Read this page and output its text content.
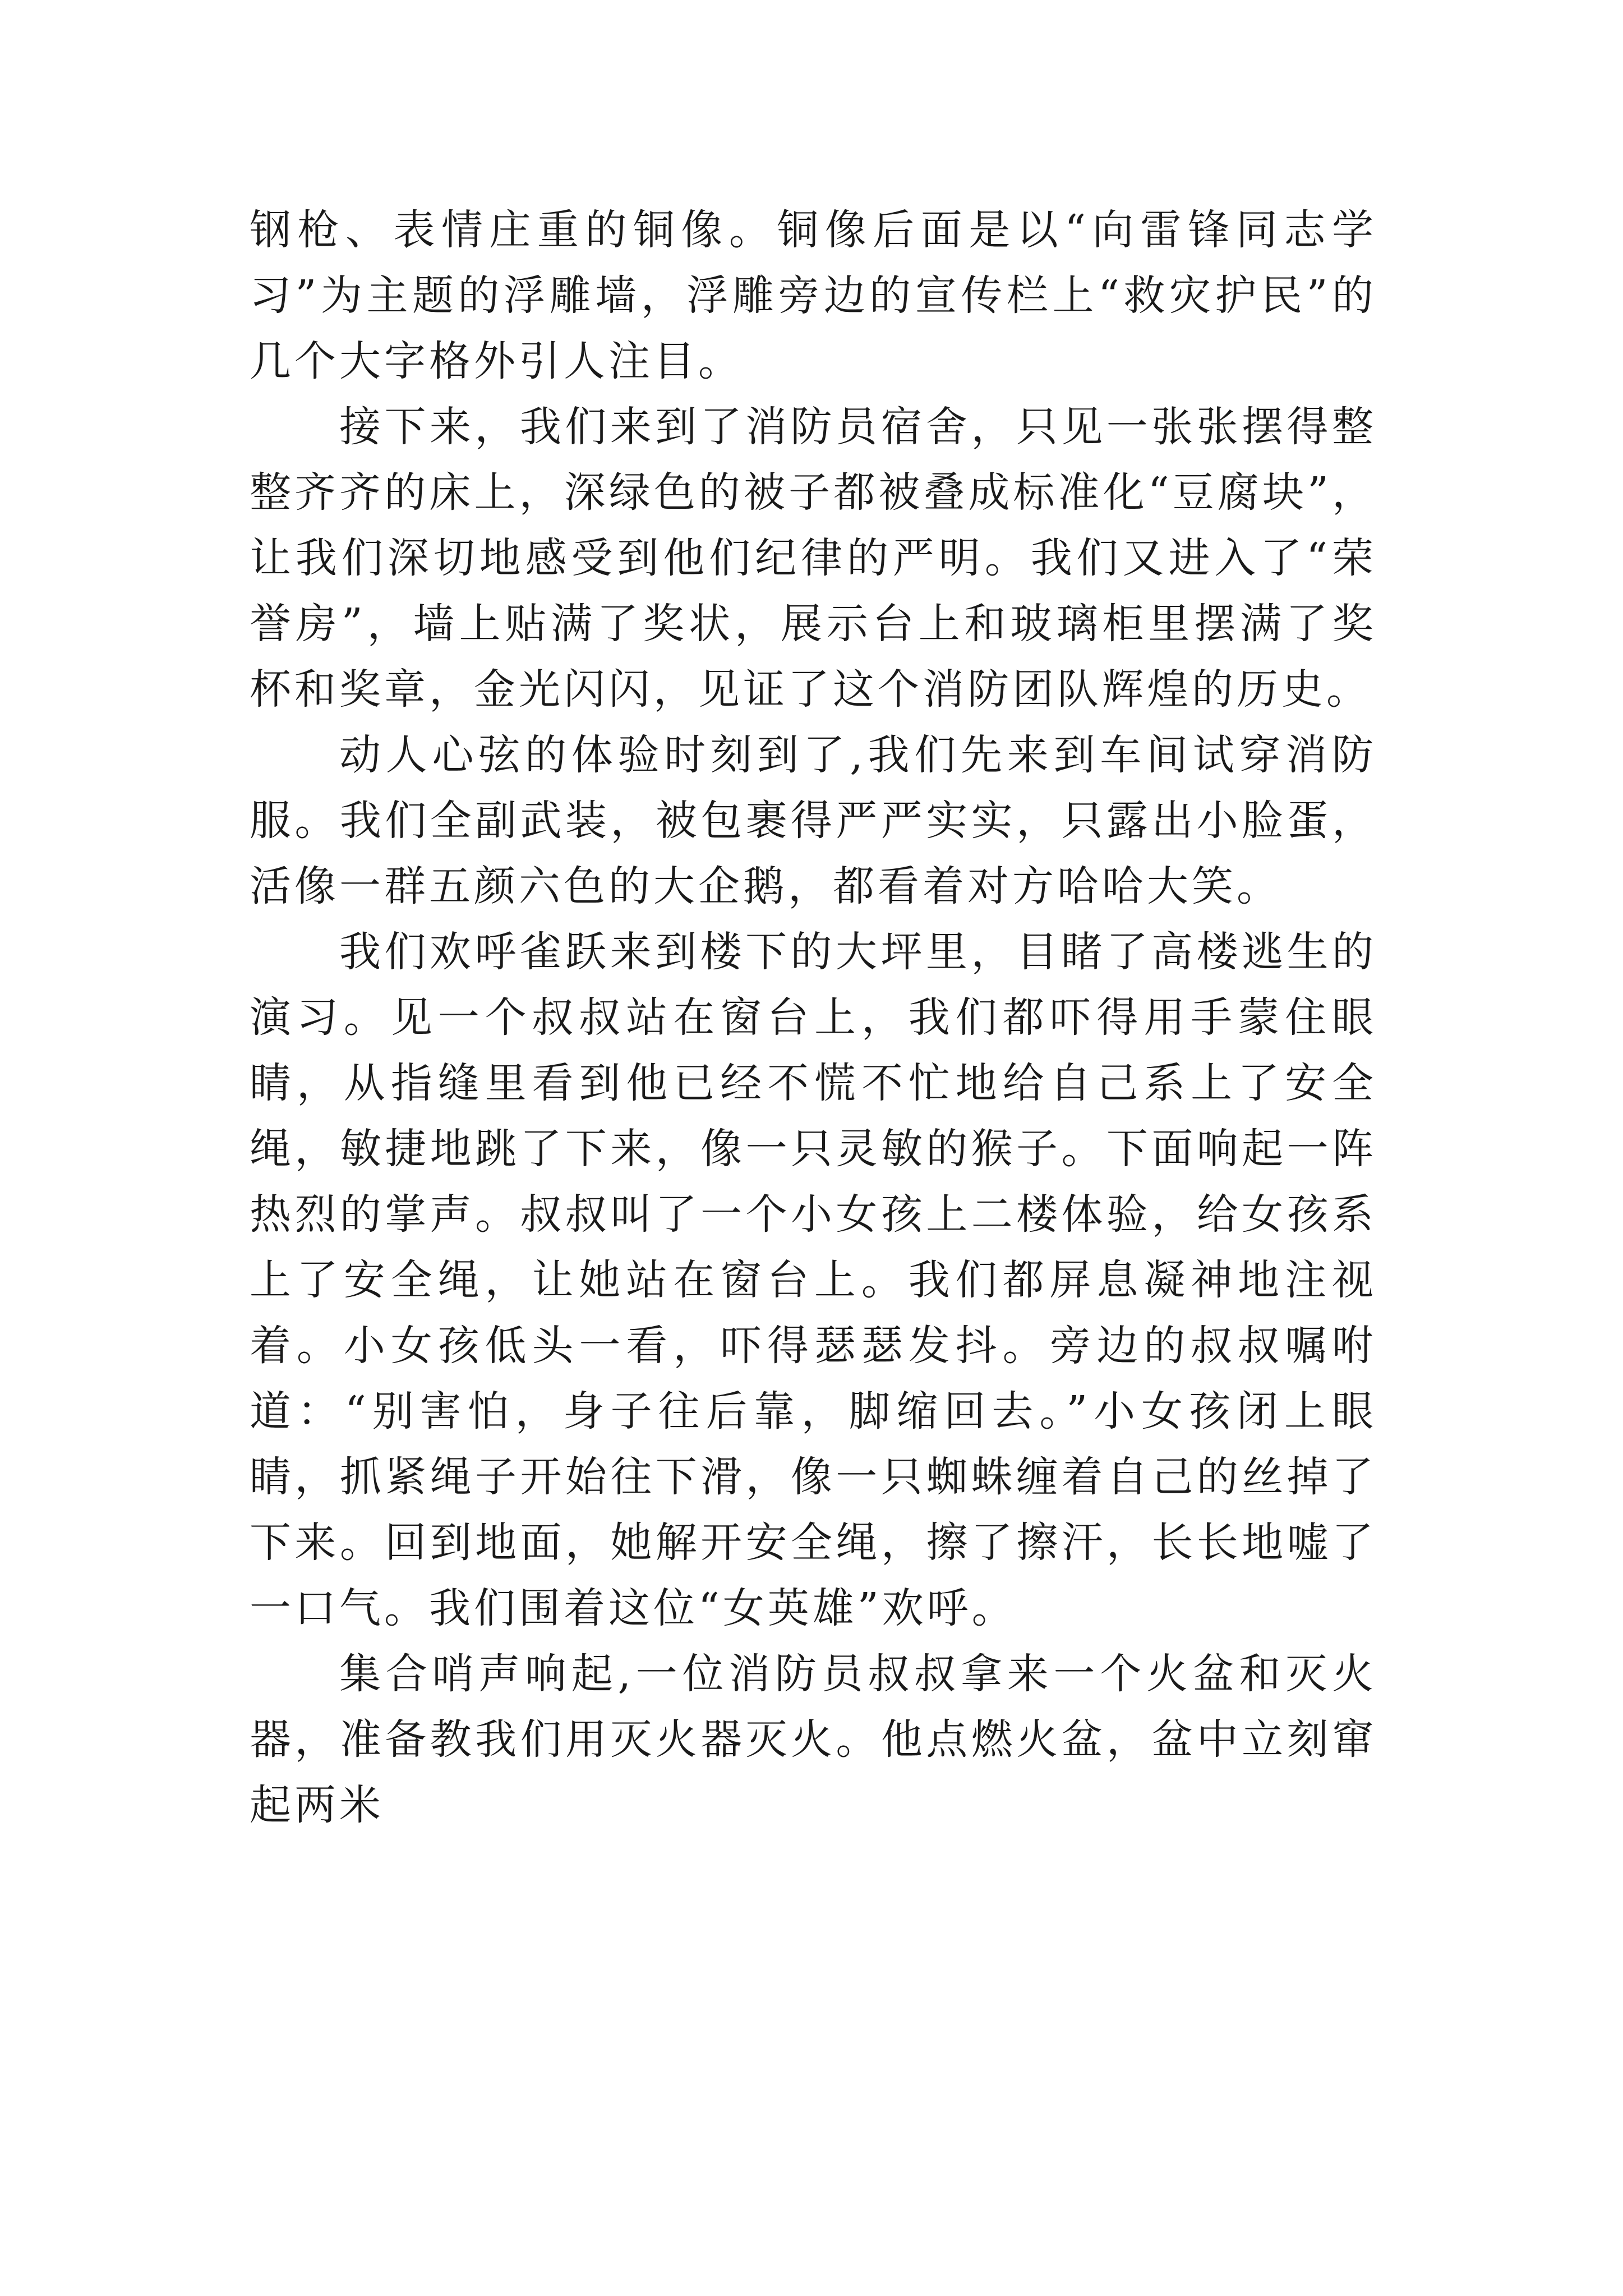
钢枪、表情庄重的铜像。铜像后面是以“向雷锋同志学习”为主题的浮雕墙，浮雕旁边的宣传栏上“救灾护民”的几个大字格外引人注目。

接下来，我们来到了消防员宿舍，只见一张张摆得整整齐齐的床上，深绿色的被子都被叠成标准化“豆腐块”，让我们深切地感受到他们纪律的严明。我们又进入了“荣誉房”，墙上贴满了奖状，展示台上和玻璃柜里摆满了奖杯和奖章，金光闪闪，见证了这个消防团队辉煌的历史。

动人心弦的体验时刻到了,我们先来到车间试穿消防服。我们全副武装，被包裹得严严实实，只露出小脸蛋，活像一群五颜六色的大企鹅，都看着对方哈哈大笑。

我们欢呼雀跃来到楼下的大坪里，目睹了高楼逃生的演习。见一个叔叔站在窗台上，我们都吓得用手蒙住眼睛，从指缝里看到他已经不慌不忙地给自己系上了安全绳，敏捷地跳了下来，像一只灵敏的猴子。下面响起一阵热烈的掌声。叔叔叫了一个小女孩上二楼体验，给女孩系上了安全绳，让她站在窗台上。我们都屏息凝神地注视着。小女孩低头一看，吓得瑟瑟发抖。旁边的叔叔嘱咐道：“别害怕，身子往后靠，脚缩回去。”小女孩闭上眼睛，抓紧绳子开始往下滑，像一只蜘蛛缠着自己的丝掉了下来。回到地面，她解开安全绳，擦了擦汗，长长地嘘了一口气。我们围着这位“女英雄”欢呼。

集合哨声响起,一位消防员叔叔拿来一个火盆和灭火器，准备教我们用灭火器灭火。他点燃火盆，盆中立刻窜起两米
